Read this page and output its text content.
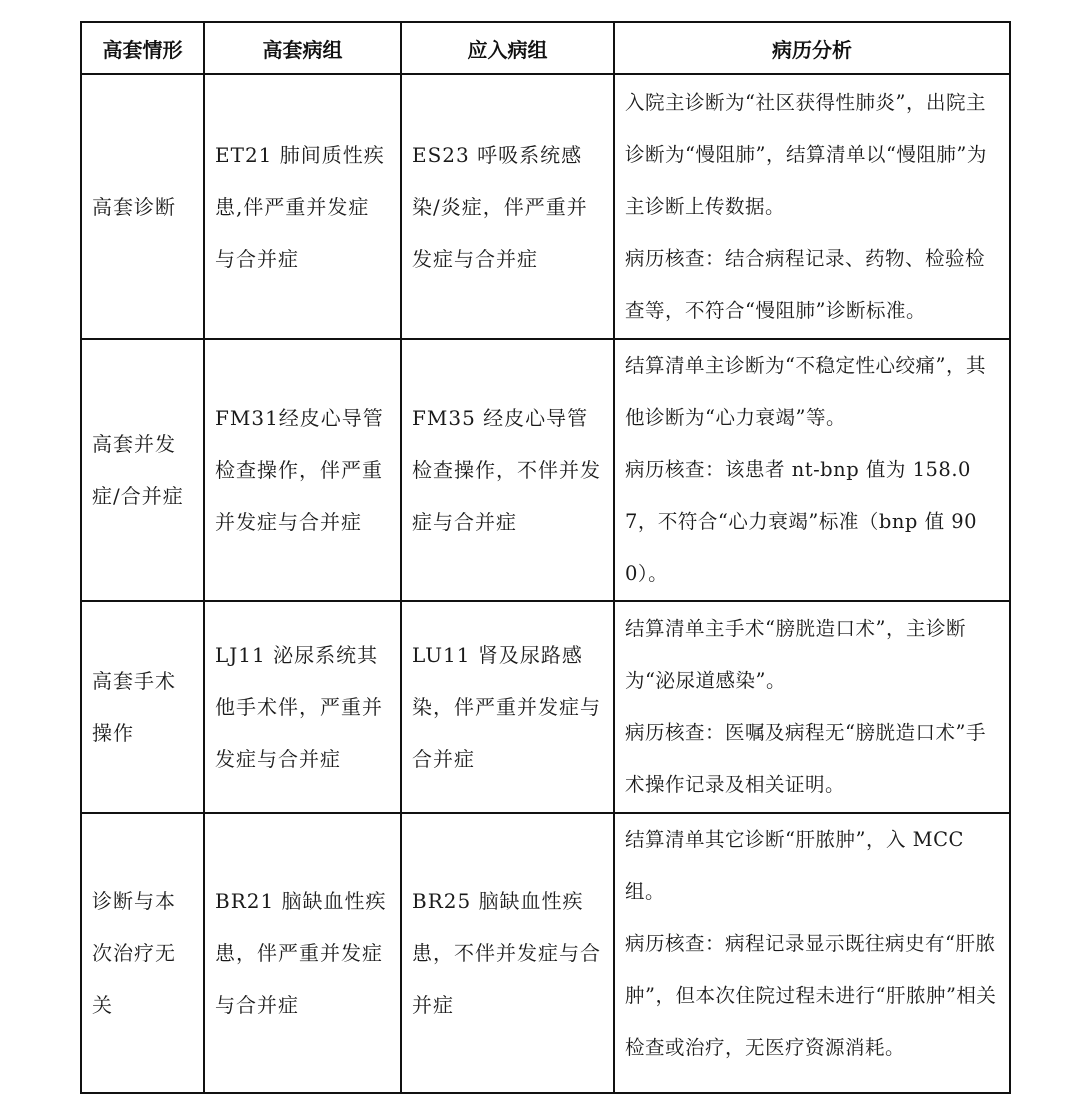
高套情形	高套病组	应入病组	病历分析

高套诊断	ET21 肺间质性疾患,伴严重并发症与合并症	ES23 呼吸系统感染/炎症，伴严重并发症与合并症	入院主诊断为“社区获得性肺炎”，出院主诊断为“慢阻肺”，结算清单以“慢阻肺”为主诊断上传数据。

病历核查：结合病程记录、药物、检验检查等，不符合“慢阻肺”诊断标准。

高套并发症/合并症	FM31经皮心导管检查操作，伴严重并发症与合并症	FM35 经皮心导管检查操作，不伴并发症与合并症	结算清单主诊断为“不稳定性心绞痛”，其他诊断为“心力衰竭”等。

病历核查：该患者 nt-bnp 值为 158.07，不符合“心力衰竭”标准（bnp 值 900）。

高套手术操作	LJ11 泌尿系统其他手术伴，严重并发症与合并症	LU11 肾及尿路感染，伴严重并发症与合并症	结算清单主手术“膀胱造口术”，主诊断为“泌尿道感染”。

病历核查：医嘱及病程无“膀胱造口术”手术操作记录及相关证明。

诊断与本次治疗无关	BR21 脑缺血性疾患，伴严重并发症与合并症	BR25 脑缺血性疾患，不伴并发症与合并症	结算清单其它诊断“肝脓肿”，入 MCC组。

病历核查：病程记录显示既往病史有“肝脓肿”，但本次住院过程未进行“肝脓肿”相关检查或治疗，无医疗资源消耗。
